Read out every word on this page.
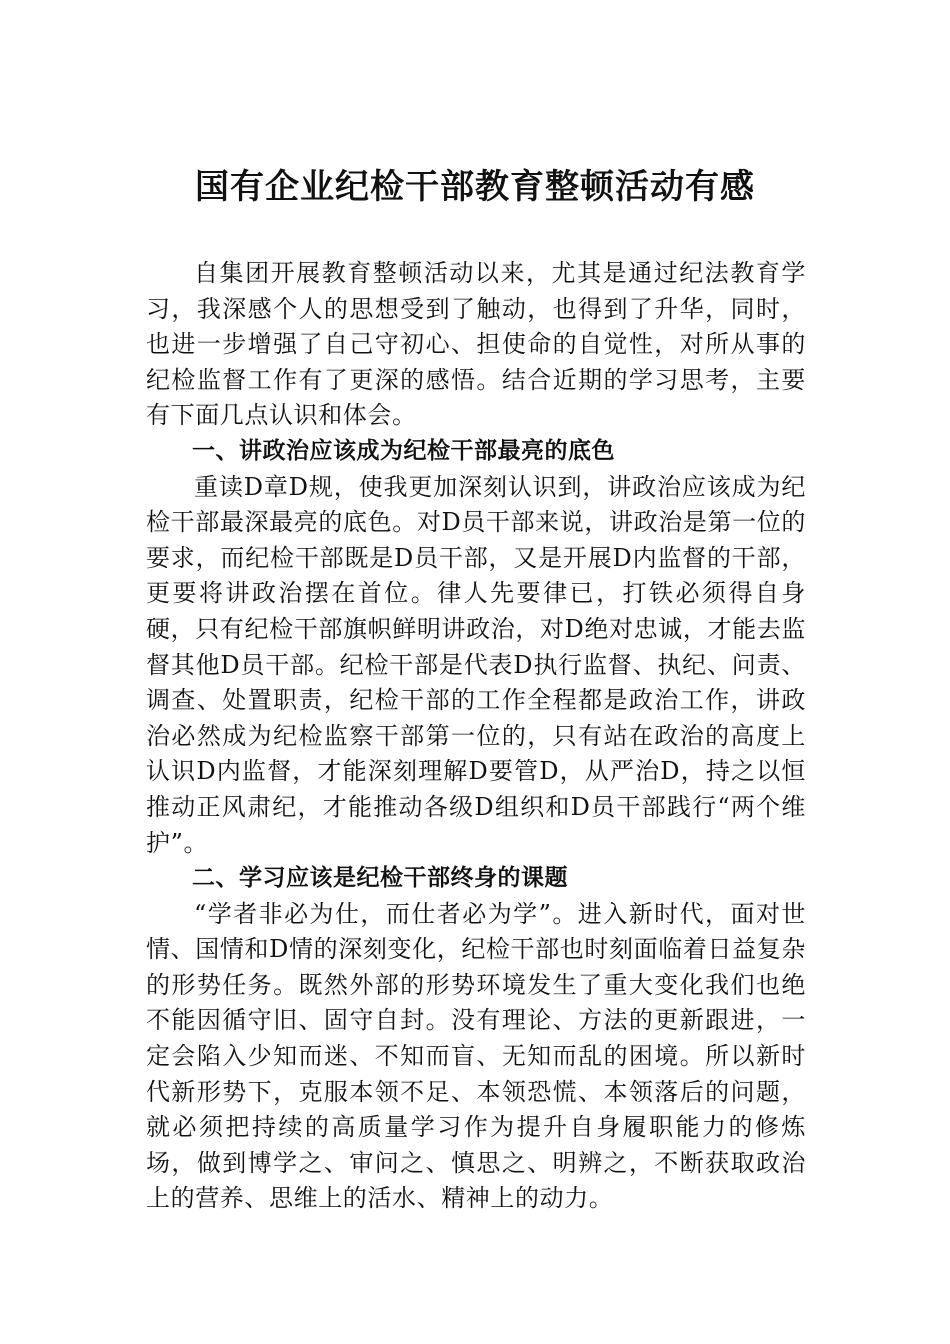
国有企业纪检干部教育整顿活动有感

自集团开展教育整顿活动以来，尤其是通过纪法教育学习，我深感个人的思想受到了触动，也得到了升华，同时，也进一步增强了自己守初心、担使命的自觉性，对所从事的纪检监督工作有了更深的感悟。结合近期的学习思考，主要有下面几点认识和体会。

一、讲政治应该成为纪检干部最亮的底色

重读D章D规，使我更加深刻认识到，讲政治应该成为纪检干部最深最亮的底色。对D员干部来说，讲政治是第一位的要求，而纪检干部既是D员干部，又是开展D内监督的干部，更要将讲政治摆在首位。律人先要律已，打铁必须得自身硬，只有纪检干部旗帜鲜明讲政治，对D绝对忠诚，才能去监督其他D员干部。纪检干部是代表D执行监督、执纪、问责、调查、处置职责，纪检干部的工作全程都是政治工作，讲政治必然成为纪检监察干部第一位的，只有站在政治的高度上认识D内监督，才能深刻理解D要管D，从严治D，持之以恒推动正风肃纪，才能推动各级D组织和D员干部践行“两个维护”。

二、学习应该是纪检干部终身的课题

“学者非必为仕，而仕者必为学”。进入新时代，面对世情、国情和D情的深刻变化，纪检干部也时刻面临着日益复杂的形势任务。既然外部的形势环境发生了重大变化我们也绝不能因循守旧、固守自封。没有理论、方法的更新跟进，一定会陷入少知而迷、不知而盲、无知而乱的困境。所以新时代新形势下，克服本领不足、本领恐慌、本领落后的问题，就必须把持续的高质量学习作为提升自身履职能力的修炼场，做到博学之、审问之、慎思之、明辨之，不断获取政治上的营养、思维上的活水、精神上的动力。
